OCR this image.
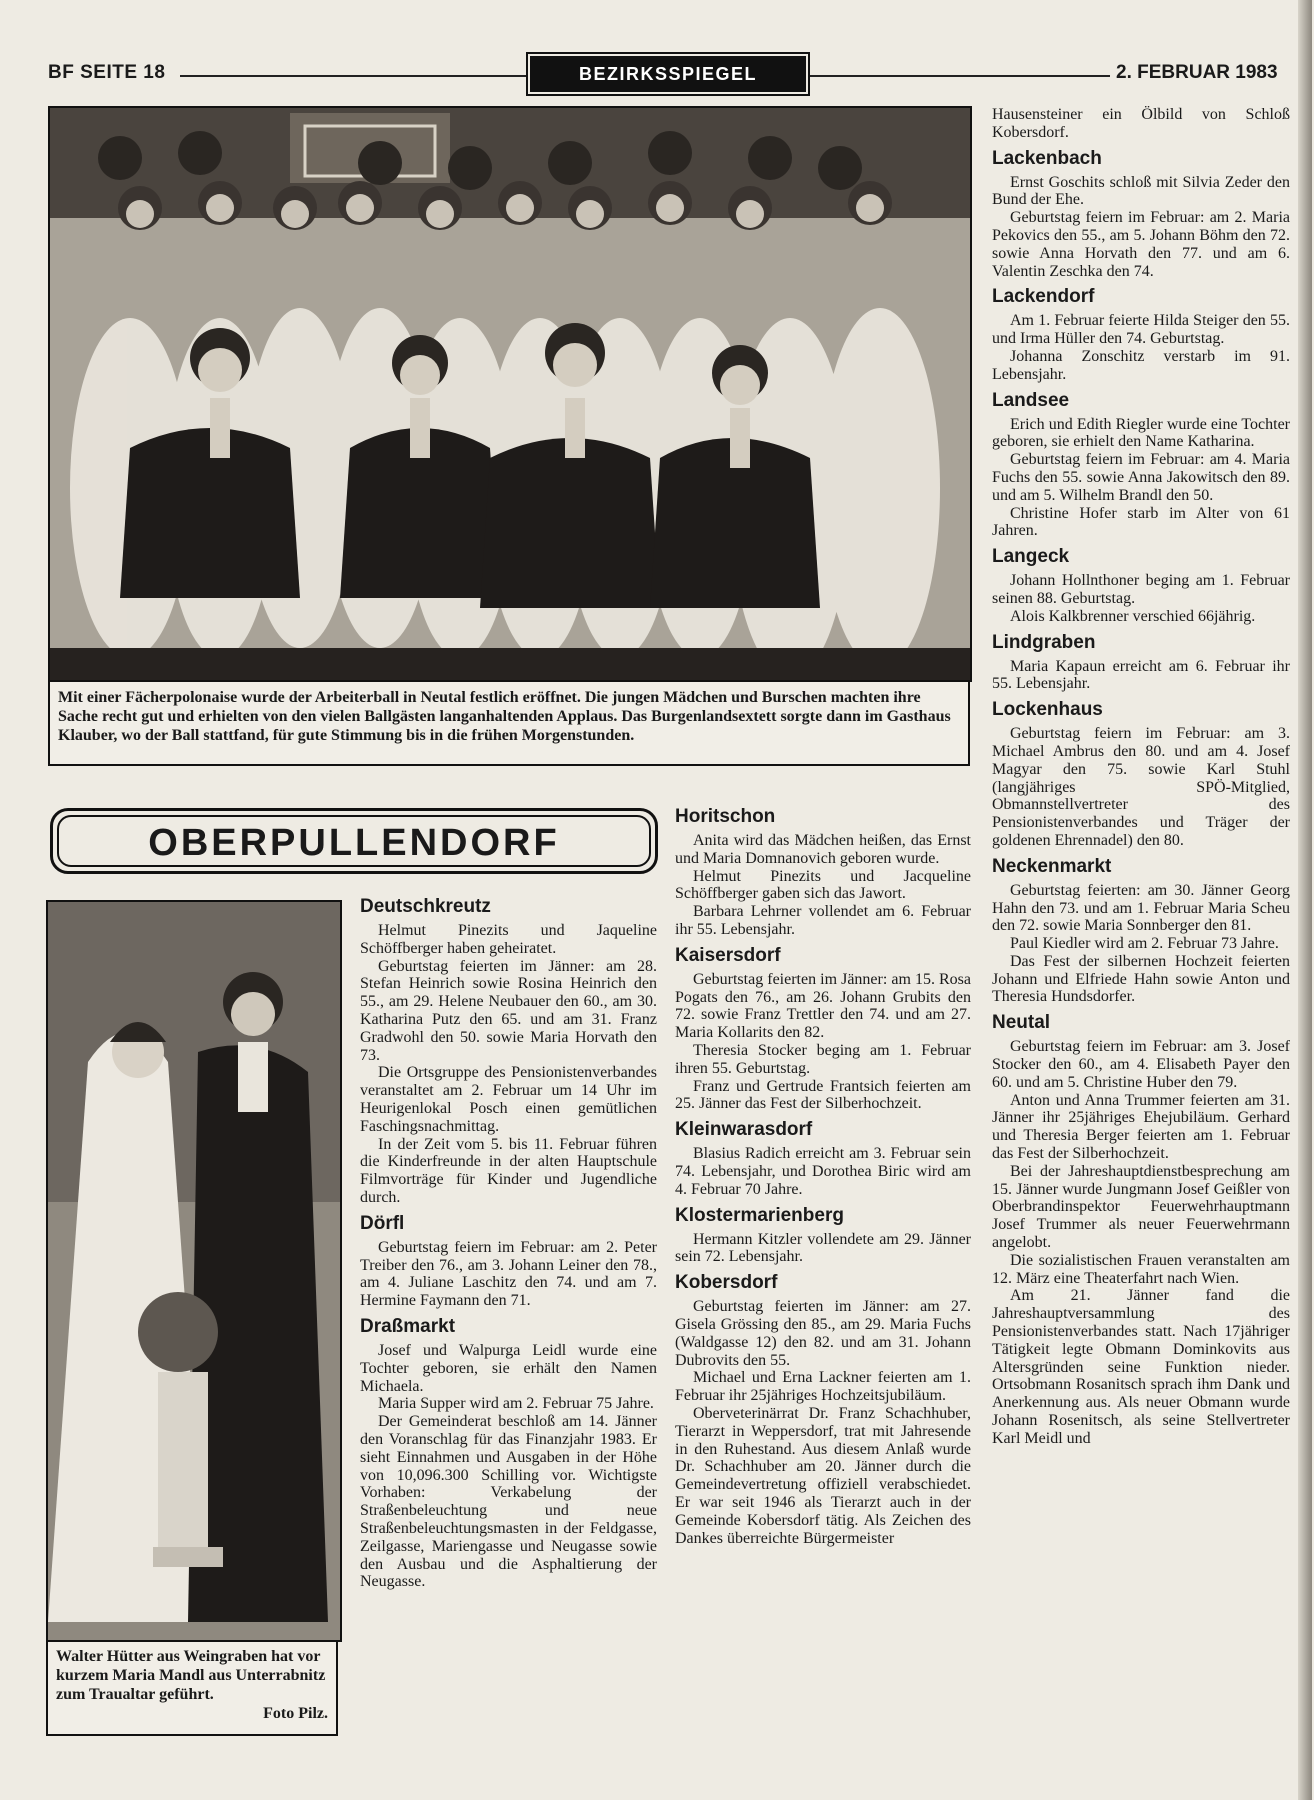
BF SEITE 18	BEZIRKSSPIEGEL	2. FEBRUAR 1983
Mit einer Fächerpolonaise wurde der Arbeiterball in Neutal festlich eröffnet. Die jungen Mädchen und Burschen machten ihre Sache recht gut und erhielten von den vielen Ballgästen langanhaltenden Applaus. Das Burgenlandsextett sorgte dann im Gasthaus Klauber, wo der Ball stattfand, für gute Stimmung bis in die frühen Morgenstunden.
OBERPULLENDORF
Walter Hütter aus Weingraben hat vor kurzem Maria Mandl aus Unterrabnitz zum Traualtar geführt.
Foto Pilz.
Deutschkreutz

Helmut Pinezits und Jaqueline Schöffberger haben geheiratet.

Geburtstag feierten im Jänner: am 28. Stefan Heinrich sowie Rosina Heinrich den 55., am 29. Helene Neubauer den 60., am 30. Katharina Putz den 65. und am 31. Franz Gradwohl den 50. sowie Maria Horvath den 73.

Die Ortsgruppe des Pensionistenverbandes veranstaltet am 2. Februar um 14 Uhr im Heurigenlokal Posch einen gemütlichen Faschingsnachmittag.

In der Zeit vom 5. bis 11. Februar führen die Kinderfreunde in der alten Hauptschule Filmvorträge für Kinder und Jugendliche durch.

Dörfl

Geburtstag feiern im Februar: am 2. Peter Treiber den 76., am 3. Johann Leiner den 78., am 4. Juliane Laschitz den 74. und am 7. Hermine Faymann den 71.

Draßmarkt

Josef und Walpurga Leidl wurde eine Tochter geboren, sie erhält den Namen Michaela.

Maria Supper wird am 2. Februar 75 Jahre.

Der Gemeinderat beschloß am 14. Jänner den Voranschlag für das Finanzjahr 1983. Er sieht Einnahmen und Ausgaben in der Höhe von 10,096.300 Schilling vor. Wichtigste Vorhaben: Verkabelung der Straßenbeleuchtung und neue Straßenbeleuchtungsmasten in der Feldgasse, Zeilgasse, Mariengasse und Neugasse sowie den Ausbau und die Asphaltierung der Neugasse.

Horitschon

Anita wird das Mädchen heißen, das Ernst und Maria Domnanovich geboren wurde.

Helmut Pinezits und Jacqueline Schöffberger gaben sich das Jawort.

Barbara Lehrner vollendet am 6. Februar ihr 55. Lebensjahr.

Kaisersdorf

Geburtstag feierten im Jänner: am 15. Rosa Pogats den 76., am 26. Johann Grubits den 72. sowie Franz Trettler den 74. und am 27. Maria Kollarits den 82.

Theresia Stocker beging am 1. Februar ihren 55. Geburtstag.

Franz und Gertrude Frantsich feierten am 25. Jänner das Fest der Silberhochzeit.

Kleinwarasdorf

Blasius Radich erreicht am 3. Februar sein 74. Lebensjahr, und Dorothea Biric wird am 4. Februar 70 Jahre.

Klostermarienberg

Hermann Kitzler vollendete am 29. Jänner sein 72. Lebensjahr.

Kobersdorf

Geburtstag feierten im Jänner: am 27. Gisela Grössing den 85., am 29. Maria Fuchs (Waldgasse 12) den 82. und am 31. Johann Dubrovits den 55.

Michael und Erna Lackner feierten am 1. Februar ihr 25jähriges Hochzeitsjubiläum.

Oberveterinärrat Dr. Franz Schachhuber, Tierarzt in Weppersdorf, trat mit Jahresende in den Ruhestand. Aus diesem Anlaß wurde Dr. Schachhuber am 20. Jänner durch die Gemeindevertretung offiziell verabschiedet. Er war seit 1946 als Tierarzt auch in der Gemeinde Kobersdorf tätig. Als Zeichen des Dankes überreichte Bürgermeister

Hausensteiner ein Ölbild von Schloß Kobersdorf.

Lackenbach

Ernst Goschits schloß mit Silvia Zeder den Bund der Ehe.

Geburtstag feiern im Februar: am 2. Maria Pekovics den 55., am 5. Johann Böhm den 72. sowie Anna Horvath den 77. und am 6. Valentin Zeschka den 74.

Lackendorf

Am 1. Februar feierte Hilda Steiger den 55. und Irma Hüller den 74. Geburtstag.

Johanna Zonschitz verstarb im 91. Lebensjahr.

Landsee

Erich und Edith Riegler wurde eine Tochter geboren, sie erhielt den Name Katharina.

Geburtstag feiern im Februar: am 4. Maria Fuchs den 55. sowie Anna Jakowitsch den 89. und am 5. Wilhelm Brandl den 50.

Christine Hofer starb im Alter von 61 Jahren.

Langeck

Johann Hollnthoner beging am 1. Februar seinen 88. Geburtstag.

Alois Kalkbrenner verschied 66jährig.

Lindgraben

Maria Kapaun erreicht am 6. Februar ihr 55. Lebensjahr.

Lockenhaus

Geburtstag feiern im Februar: am 3. Michael Ambrus den 80. und am 4. Josef Magyar den 75. sowie Karl Stuhl (langjähriges SPÖ-Mitglied, Obmannstellvertreter des Pensionistenverbandes und Träger der goldenen Ehrennadel) den 80.

Neckenmarkt

Geburtstag feierten: am 30. Jänner Georg Hahn den 73. und am 1. Februar Maria Scheu den 72. sowie Maria Sonnberger den 81.

Paul Kiedler wird am 2. Februar 73 Jahre.

Das Fest der silbernen Hochzeit feierten Johann und Elfriede Hahn sowie Anton und Theresia Hundsdorfer.

Neutal

Geburtstag feiern im Februar: am 3. Josef Stocker den 60., am 4. Elisabeth Payer den 60. und am 5. Christine Huber den 79.

Anton und Anna Trummer feierten am 31. Jänner ihr 25jähriges Ehejubiläum. Gerhard und Theresia Berger feierten am 1. Februar das Fest der Silberhochzeit.

Bei der Jahreshauptdienstbesprechung am 15. Jänner wurde Jungmann Josef Geißler von Oberbrandinspektor Feuerwehrhauptmann Josef Trummer als neuer Feuerwehrmann angelobt.

Die sozialistischen Frauen veranstalten am 12. März eine Theaterfahrt nach Wien.

Am 21. Jänner fand die Jahreshauptversammlung des Pensionistenverbandes statt. Nach 17jähriger Tätigkeit legte Obmann Dominkovits aus Altersgründen seine Funktion nieder. Ortsobmann Rosanitsch sprach ihm Dank und Anerkennung aus. Als neuer Obmann wurde Johann Rosenitsch, als seine Stellvertreter Karl Meidl und
